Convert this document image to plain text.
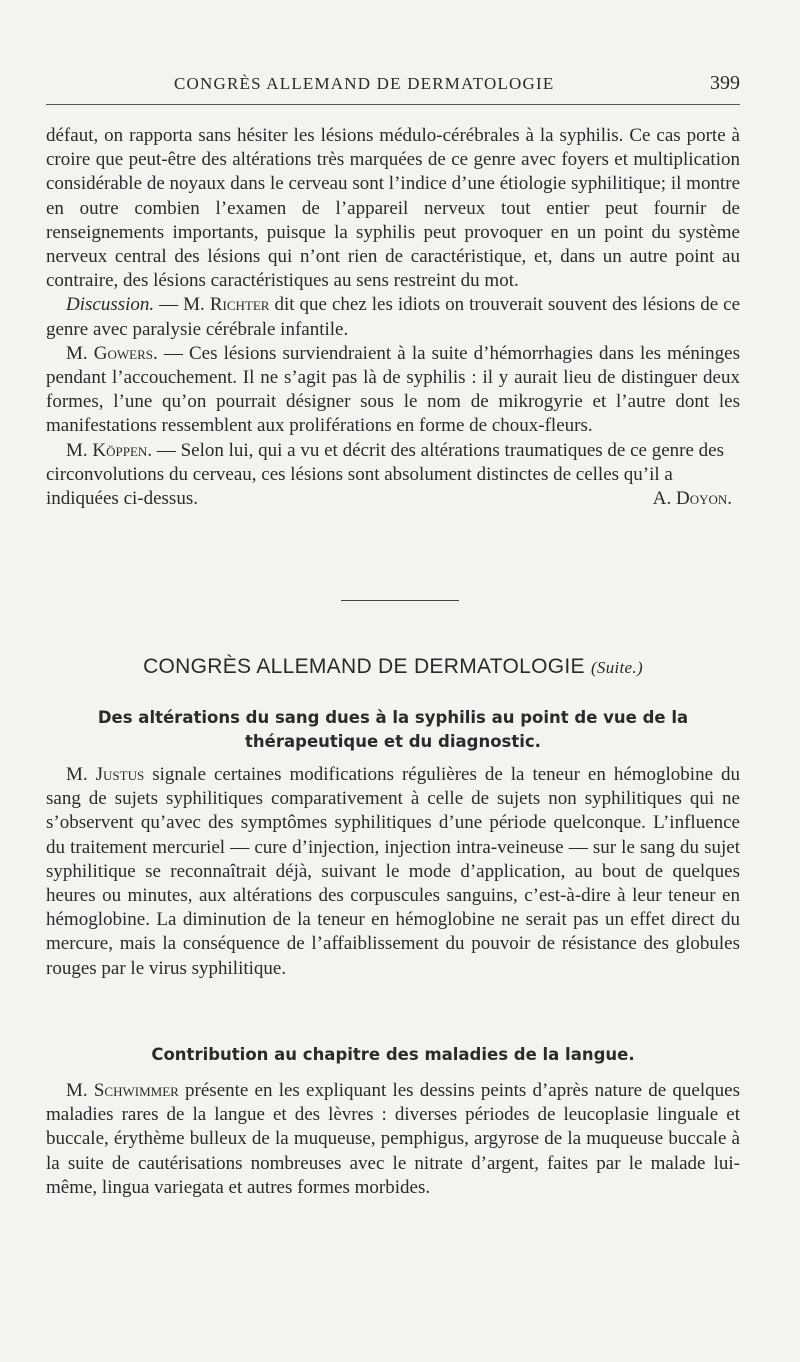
CONGRÈS ALLEMAND DE DERMATOLOGIE	399

défaut, on rapporta sans hésiter les lésions médulo-cérébrales à la syphilis. Ce cas porte à croire que peut-être des altérations très marquées de ce genre avec foyers et multiplication considérable de noyaux dans le cerveau sont l’indice d’une étiologie syphilitique; il montre en outre combien l’examen de l’appareil nerveux tout entier peut fournir de renseignements importants, puisque la syphilis peut provoquer en un point du système nerveux central des lésions qui n’ont rien de caractéristique, et, dans un autre point au contraire, des lésions caractéristiques au sens restreint du mot.

Discussion. — M. Richter dit que chez les idiots on trouverait souvent des lésions de ce genre avec paralysie cérébrale infantile.

M. Gowers. — Ces lésions surviendraient à la suite d’hémorrhagies dans les méninges pendant l’accouchement. Il ne s’agit pas là de syphilis : il y aurait lieu de distinguer deux formes, l’une qu’on pourrait désigner sous le nom de mikrogyrie et l’autre dont les manifestations ressemblent aux proliférations en forme de choux-fleurs.

M. Köppen. — Selon lui, qui a vu et décrit des altérations traumatiques de ce genre des circonvolutions du cerveau, ces lésions sont absolument distinctes de celles qu’il a indiquées ci-dessus.	A. Doyon.

CONGRÈS ALLEMAND DE DERMATOLOGIE (Suite.)
Des altérations du sang dues à la syphilis au point de vue de la thérapeutique et du diagnostic.

M. Justus signale certaines modifications régulières de la teneur en hémoglobine du sang de sujets syphilitiques comparativement à celle de sujets non syphilitiques qui ne s’observent qu’avec des symptômes syphilitiques d’une période quelconque. L’influence du traitement mercuriel — cure d’injection, injection intra-veineuse — sur le sang du sujet syphilitique se reconnaîtrait déjà, suivant le mode d’application, au bout de quelques heures ou minutes, aux altérations des corpuscules sanguins, c’est-à-dire à leur teneur en hémoglobine. La diminution de la teneur en hémoglobine ne serait pas un effet direct du mercure, mais la conséquence de l’affaiblissement du pouvoir de résistance des globules rouges par le virus syphilitique.

Contribution au chapitre des maladies de la langue.

M. Schwimmer présente en les expliquant les dessins peints d’après nature de quelques maladies rares de la langue et des lèvres : diverses périodes de leucoplasie linguale et buccale, érythème bulleux de la muqueuse, pemphigus, argyrose de la muqueuse buccale à la suite de cautérisations nombreuses avec le nitrate d’argent, faites par le malade lui-même, lingua variegata et autres formes morbides.
